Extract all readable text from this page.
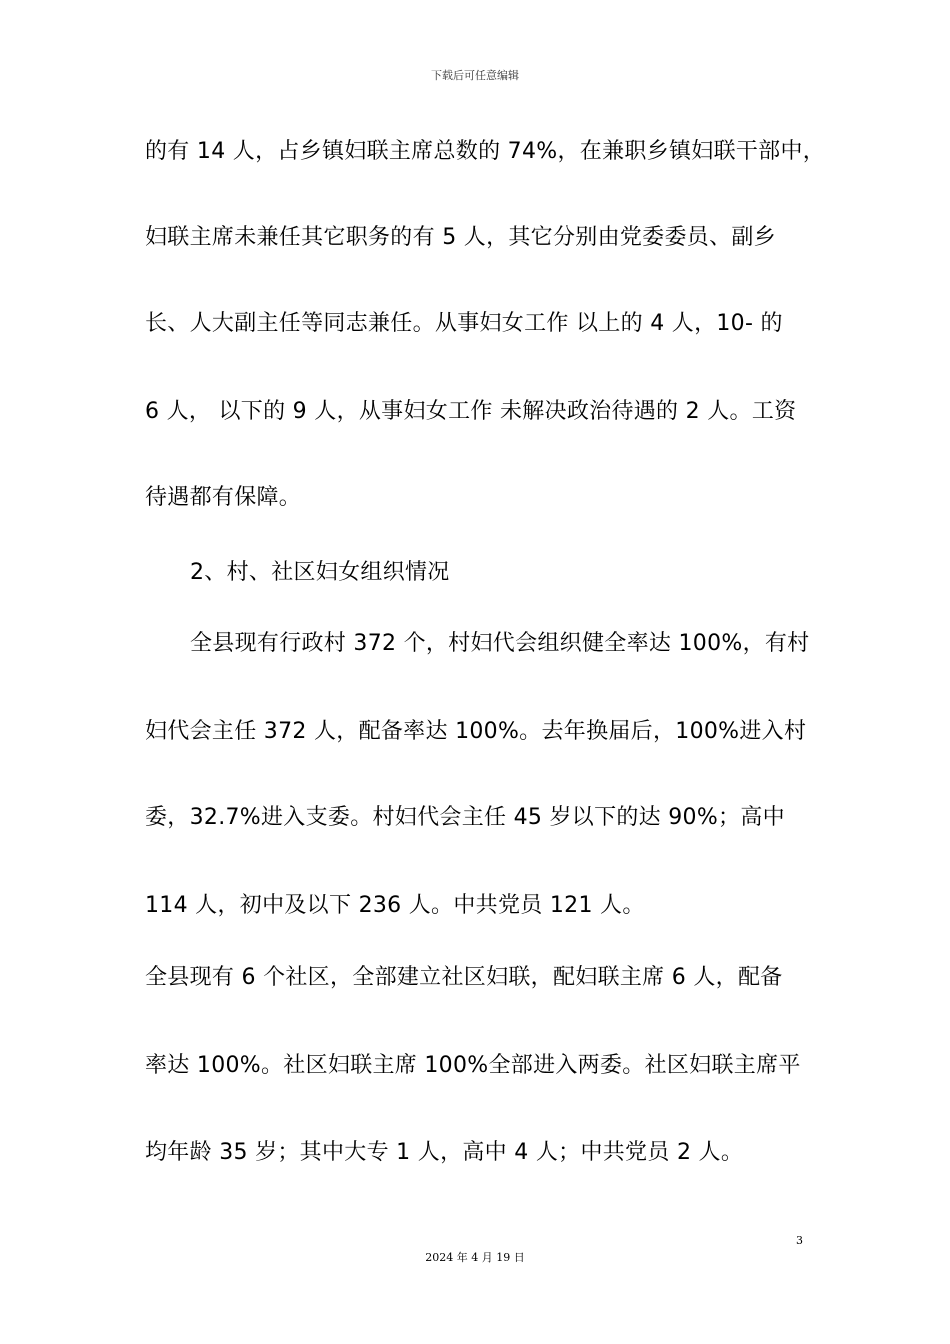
下载后可任意编辑
的有 14 人，占乡镇妇联主席总数的 74%，在兼职乡镇妇联干部中，
妇联主席未兼任其它职务的有 5 人，其它分别由党委委员、副乡
长、人大副主任等同志兼任。从事妇女工作 以上的 4 人，10- 的
6 人， 以下的 9 人，从事妇女工作 未解决政治待遇的 2 人。工资
待遇都有保障。
2、村、社区妇女组织情况
全县现有行政村 372 个，村妇代会组织健全率达 100%，有村
妇代会主任 372 人，配备率达 100%。去年换届后，100%进入村
委，32.7%进入支委。村妇代会主任 45 岁以下的达 90%；高中
114 人，初中及以下 236 人。中共党员 121 人。
全县现有 6 个社区，全部建立社区妇联，配妇联主席 6 人，配备
率达 100%。社区妇联主席 100%全部进入两委。社区妇联主席平
均年龄 35 岁；其中大专 1 人，高中 4 人；中共党员 2 人。
3
2024 年 4 月 19 日
